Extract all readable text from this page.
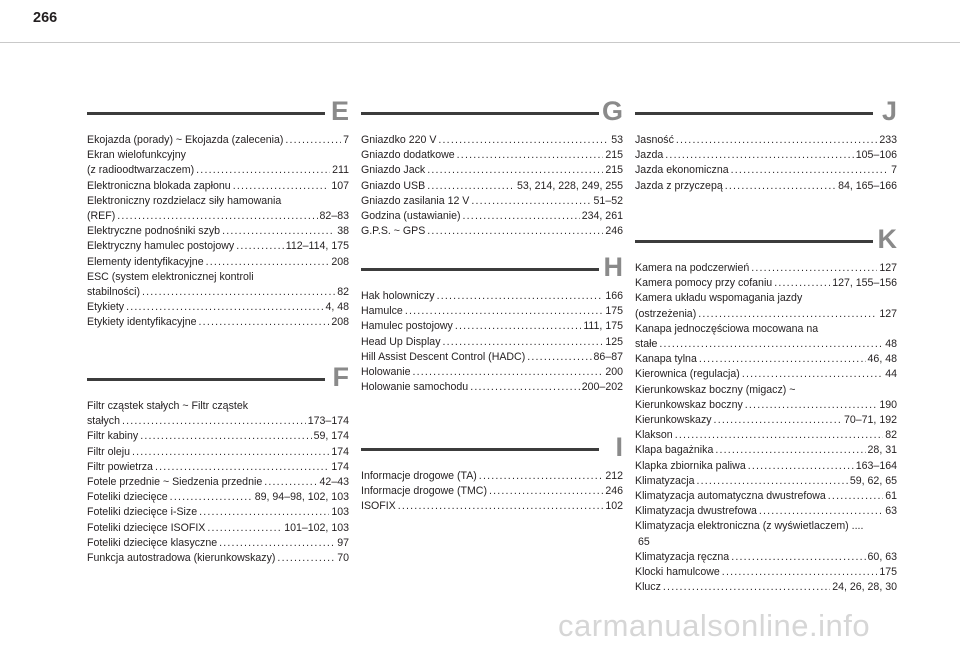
266
E
Ekojazda (porady) ~ Ekojazda (zalecenia) .....	7
Ekran wielofunkcyjny
(z radioodtwarzaczem) .....	211
Elektroniczna blokada zapłonu .....	107
Elektroniczny rozdzielacz siły hamowania
(REF) .....	82–83
Elektryczne podnośniki szyb .....	38
Elektryczny hamulec postojowy .....	112–114, 175
Elementy identyfikacyjne .....	208
ESC (system elektronicznej kontroli
stabilności) .....	82
Etykiety .....	4, 48
Etykiety identyfikacyjne .....	208
F
Filtr cząstek stałych ~ Filtr cząstek
stałych .....	173–174
Filtr kabiny .....	59, 174
Filtr oleju .....	174
Filtr powietrza .....	174
Fotele przednie ~ Siedzenia przednie .....	42–43
Foteliki dziecięce .....	89, 94–98, 102, 103
Foteliki dziecięce i-Size .....	103
Foteliki dziecięce ISOFIX .....	101–102, 103
Foteliki dziecięce klasyczne .....	97
Funkcja autostradowa (kierunkowskazy) .....	70
G
Gniazdko 220 V .....	53
Gniazdo dodatkowe .....	215
Gniazdo Jack .....	215
Gniazdo USB .....	53, 214, 228, 249, 255
Gniazdo zasilania 12 V .....	51–52
Godzina (ustawianie) .....	234, 261
G.P.S. ~ GPS .....	246
H
Hak holowniczy .....	166
Hamulce .....	175
Hamulec postojowy .....	111, 175
Head Up Display .....	125
Hill Assist Descent Control (HADC) .....	86–87
Holowanie .....	200
Holowanie samochodu .....	200–202
I
Informacje drogowe (TA) .....	212
Informacje drogowe (TMC) .....	246
ISOFIX .....	102
J
Jasność .....	233
Jazda .....	105–106
Jazda ekonomiczna .....	7
Jazda z przyczepą .....	84, 165–166
K
Kamera na podczerwień .....	127
Kamera pomocy przy cofaniu .....	127, 155–156
Kamera układu wspomagania jazdy
(ostrzeżenia) .....	127
Kanapa jednoczęściowa mocowana na
stałe .....	48
Kanapa tylna .....	46, 48
Kierownica (regulacja) .....	44
Kierunkowskaz boczny (migacz) ~
Kierunkowskaz boczny .....	190
Kierunkowskazy .....	70–71, 192
Klakson .....	82
Klapa bagażnika .....	28, 31
Klapka zbiornika paliwa .....	163–164
Klimatyzacja .....	59, 62, 65
Klimatyzacja automatyczna dwustrefowa .....	61
Klimatyzacja dwustrefowa .....	63
Klimatyzacja elektroniczna (z wyświetlaczem) ....
65
Klimatyzacja ręczna .....	60, 63
Klocki hamulcowe .....	175
Klucz .....	24, 26, 28, 30
carmanualsonline.info
